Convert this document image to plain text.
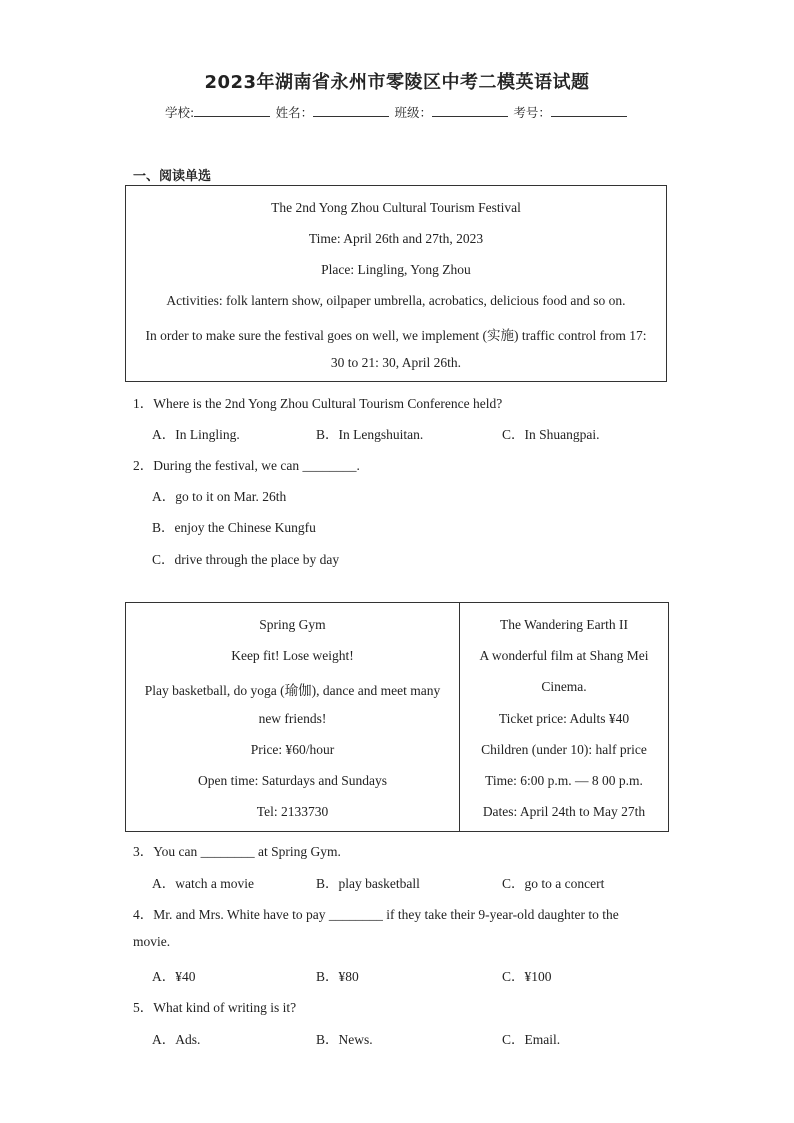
2023年湖南省永州市零陵区中考二模英语试题
学校:	姓名：	班级：	考号：
一、阅读单选
The 2nd Yong Zhou Cultural Tourism Festival
Time: April 26th and 27th, 2023
Place: Lingling, Yong Zhou
Activities: folk lantern show, oilpaper umbrella, acrobatics, delicious food and so on.
In order to make sure the festival goes on well, we implement (实施) traffic control from 17:
30 to 21: 30, April 26th.
1．Where is the 2nd Yong Zhou Cultural Tourism Conference held?
A．In Lingling.	B．In Lengshuitan.	C．In Shuangpai.
2．During the festival, we can ________.
A．go to it on Mar. 26th
B．enjoy the Chinese Kungfu
C．drive through the place by day
Spring Gym
Keep fit! Lose weight!
Play basketball, do yoga (瑜伽), dance and meet many
new friends!
Price: ¥60/hour
Open time: Saturdays and Sundays
Tel: 2133730
The Wandering Earth II
A wonderful film at Shang Mei
Cinema.
Ticket price: Adults ¥40
Children (under 10): half price
Time: 6:00 p.m. — 8 00 p.m.
Dates: April 24th to May 27th
3．You can ________ at Spring Gym.
A．watch a movie	B．play basketball	C．go to a concert
4．Mr. and Mrs. White have to pay ________ if they take their 9-year-old daughter to the
movie.
A．¥40	B．¥80	C．¥100
5．What kind of writing is it?
A．Ads.	B．News.	C．Email.
